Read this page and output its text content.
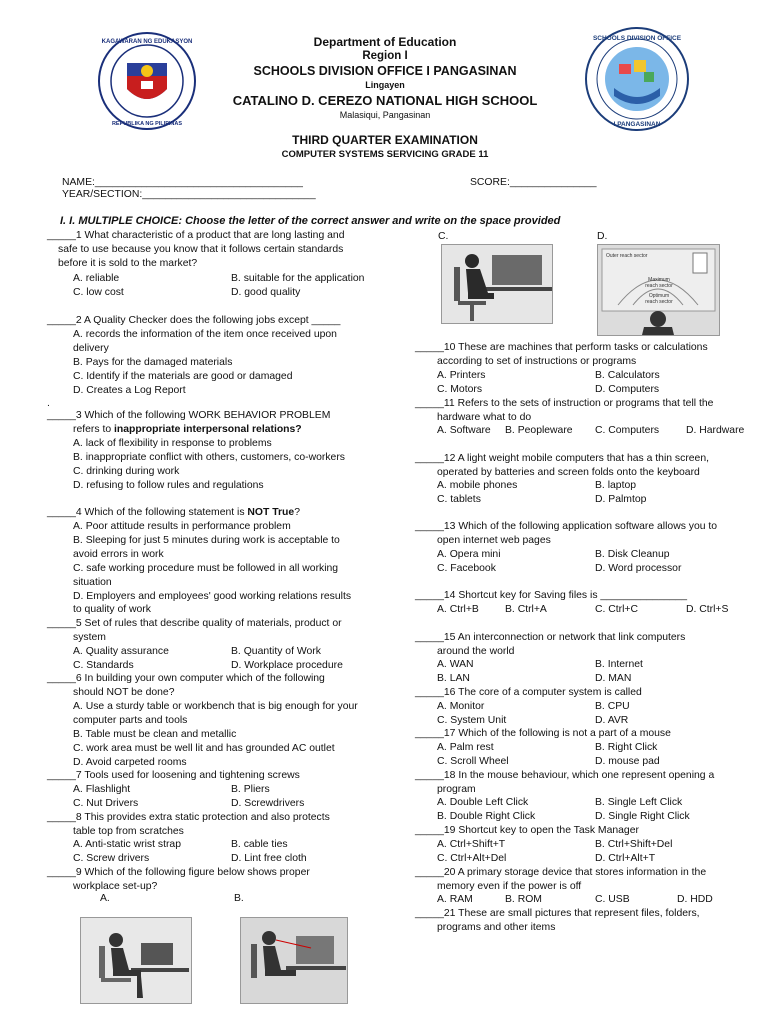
KAGAWARAN NG EDUKASYON
REPUBLIKA NG PILIPINAS
SCHOOLS DIVISION OFFICE
I PANGASINAN
Department of Education
Region I
SCHOOLS DIVISION OFFICE I PANGASINAN
Lingayen
CATALINO D. CEREZO NATIONAL HIGH SCHOOL
Malasiqui, Pangasinan
THIRD QUARTER EXAMINATION
COMPUTER SYSTEMS SERVICING GRADE 11
NAME:____________________________________
YEAR/SECTION:______________________________
SCORE:_______________
I. I. MULTIPLE CHOICE: Choose the letter of the correct answer and write on the space provided
_____1 What characteristic of a product that are long lasting and
safe to use because you know that it follows certain standards
before it is sold to the market?
A. reliable	B. suitable for the application
C. low cost	D. good quality
_____2 A Quality Checker does the following jobs except _____
A. records the information of the item once received upon
delivery
B. Pays for the damaged materials
C. Identify if the materials are good or damaged
D. Creates a Log Report
.
_____3 Which of the following WORK BEHAVIOR PROBLEM
refers to inappropriate interpersonal relations?
A. lack of flexibility in response to problems
B. inappropriate conflict with others, customers, co-workers
C. drinking during work
D. refusing to follow rules and regulations
_____4 Which of the following statement is NOT True?
A. Poor attitude results in performance problem
B. Sleeping for just 5 minutes during work is acceptable to
avoid errors in work
C. safe working procedure must be followed in all working
situation
D. Employers and employees' good working relations results
to quality of work
_____5 Set of rules that describe quality of materials, product or
system
A. Quality assurance	B. Quantity of Work
C. Standards	D. Workplace procedure
_____6 In building your own computer which of the following
should NOT be done?
A. Use a sturdy table or workbench that is big enough for your
computer parts and tools
B. Table must be clean and metallic
C. work area must be well lit and has grounded AC outlet
D. Avoid carpeted rooms
_____7 Tools used for loosening and tightening screws
A. Flashlight	B. Pliers
C. Nut Drivers	D. Screwdrivers
_____8 This provides extra static protection and also protects
table top from scratches
A. Anti-static wrist strap	B. cable ties
C. Screw drivers	D. Lint free cloth
_____9 Which of the following figure below shows proper
workplace set-up?
A.	B.
C.	D.
Outer reach sector
Maximum reach sector
Optimum reach sector
_____10 These are machines that perform tasks or calculations
according to set of instructions or programs
A. Printers	B. Calculators
C. Motors	D. Computers
_____11 Refers to the sets of instruction or programs that tell the
hardware what to do
A. Software B. Peopleware C. Computers	D. Hardware
_____12 A light weight mobile computers that has a thin screen,
operated by batteries and screen folds onto the keyboard
A. mobile phones	B. laptop
C. tablets	D. Palmtop
_____13 Which of the following application software allows you to
open internet web pages
A. Opera mini	B. Disk Cleanup
C. Facebook	D. Word processor
_____14 Shortcut key for Saving files is _______________
A. Ctrl+B	B. Ctrl+A	C. Ctrl+C	D. Ctrl+S
_____15 An interconnection or network that link computers
around the world
A. WAN	B. Internet
B. LAN	D. MAN
_____16 The core of a computer system is called
A. Monitor	B. CPU
C. System Unit	D. AVR
_____17 Which of the following is not a part of a mouse
A. Palm rest	B. Right Click
C. Scroll Wheel	D. mouse pad
_____18 In the mouse behaviour, which one represent opening a
program
A. Double Left Click	B. Single Left Click
B. Double Right Click	D. Single Right Click
_____19 Shortcut key to open the Task Manager
A. Ctrl+Shift+T	B. Ctrl+Shift+Del
C. Ctrl+Alt+Del	D. Ctrl+Alt+T
_____20 A primary storage device that stores information in the
memory even if the power is off
A. RAM	B. ROM	C. USB	D. HDD
_____21 These are small pictures that represent files, folders,
programs and other items
